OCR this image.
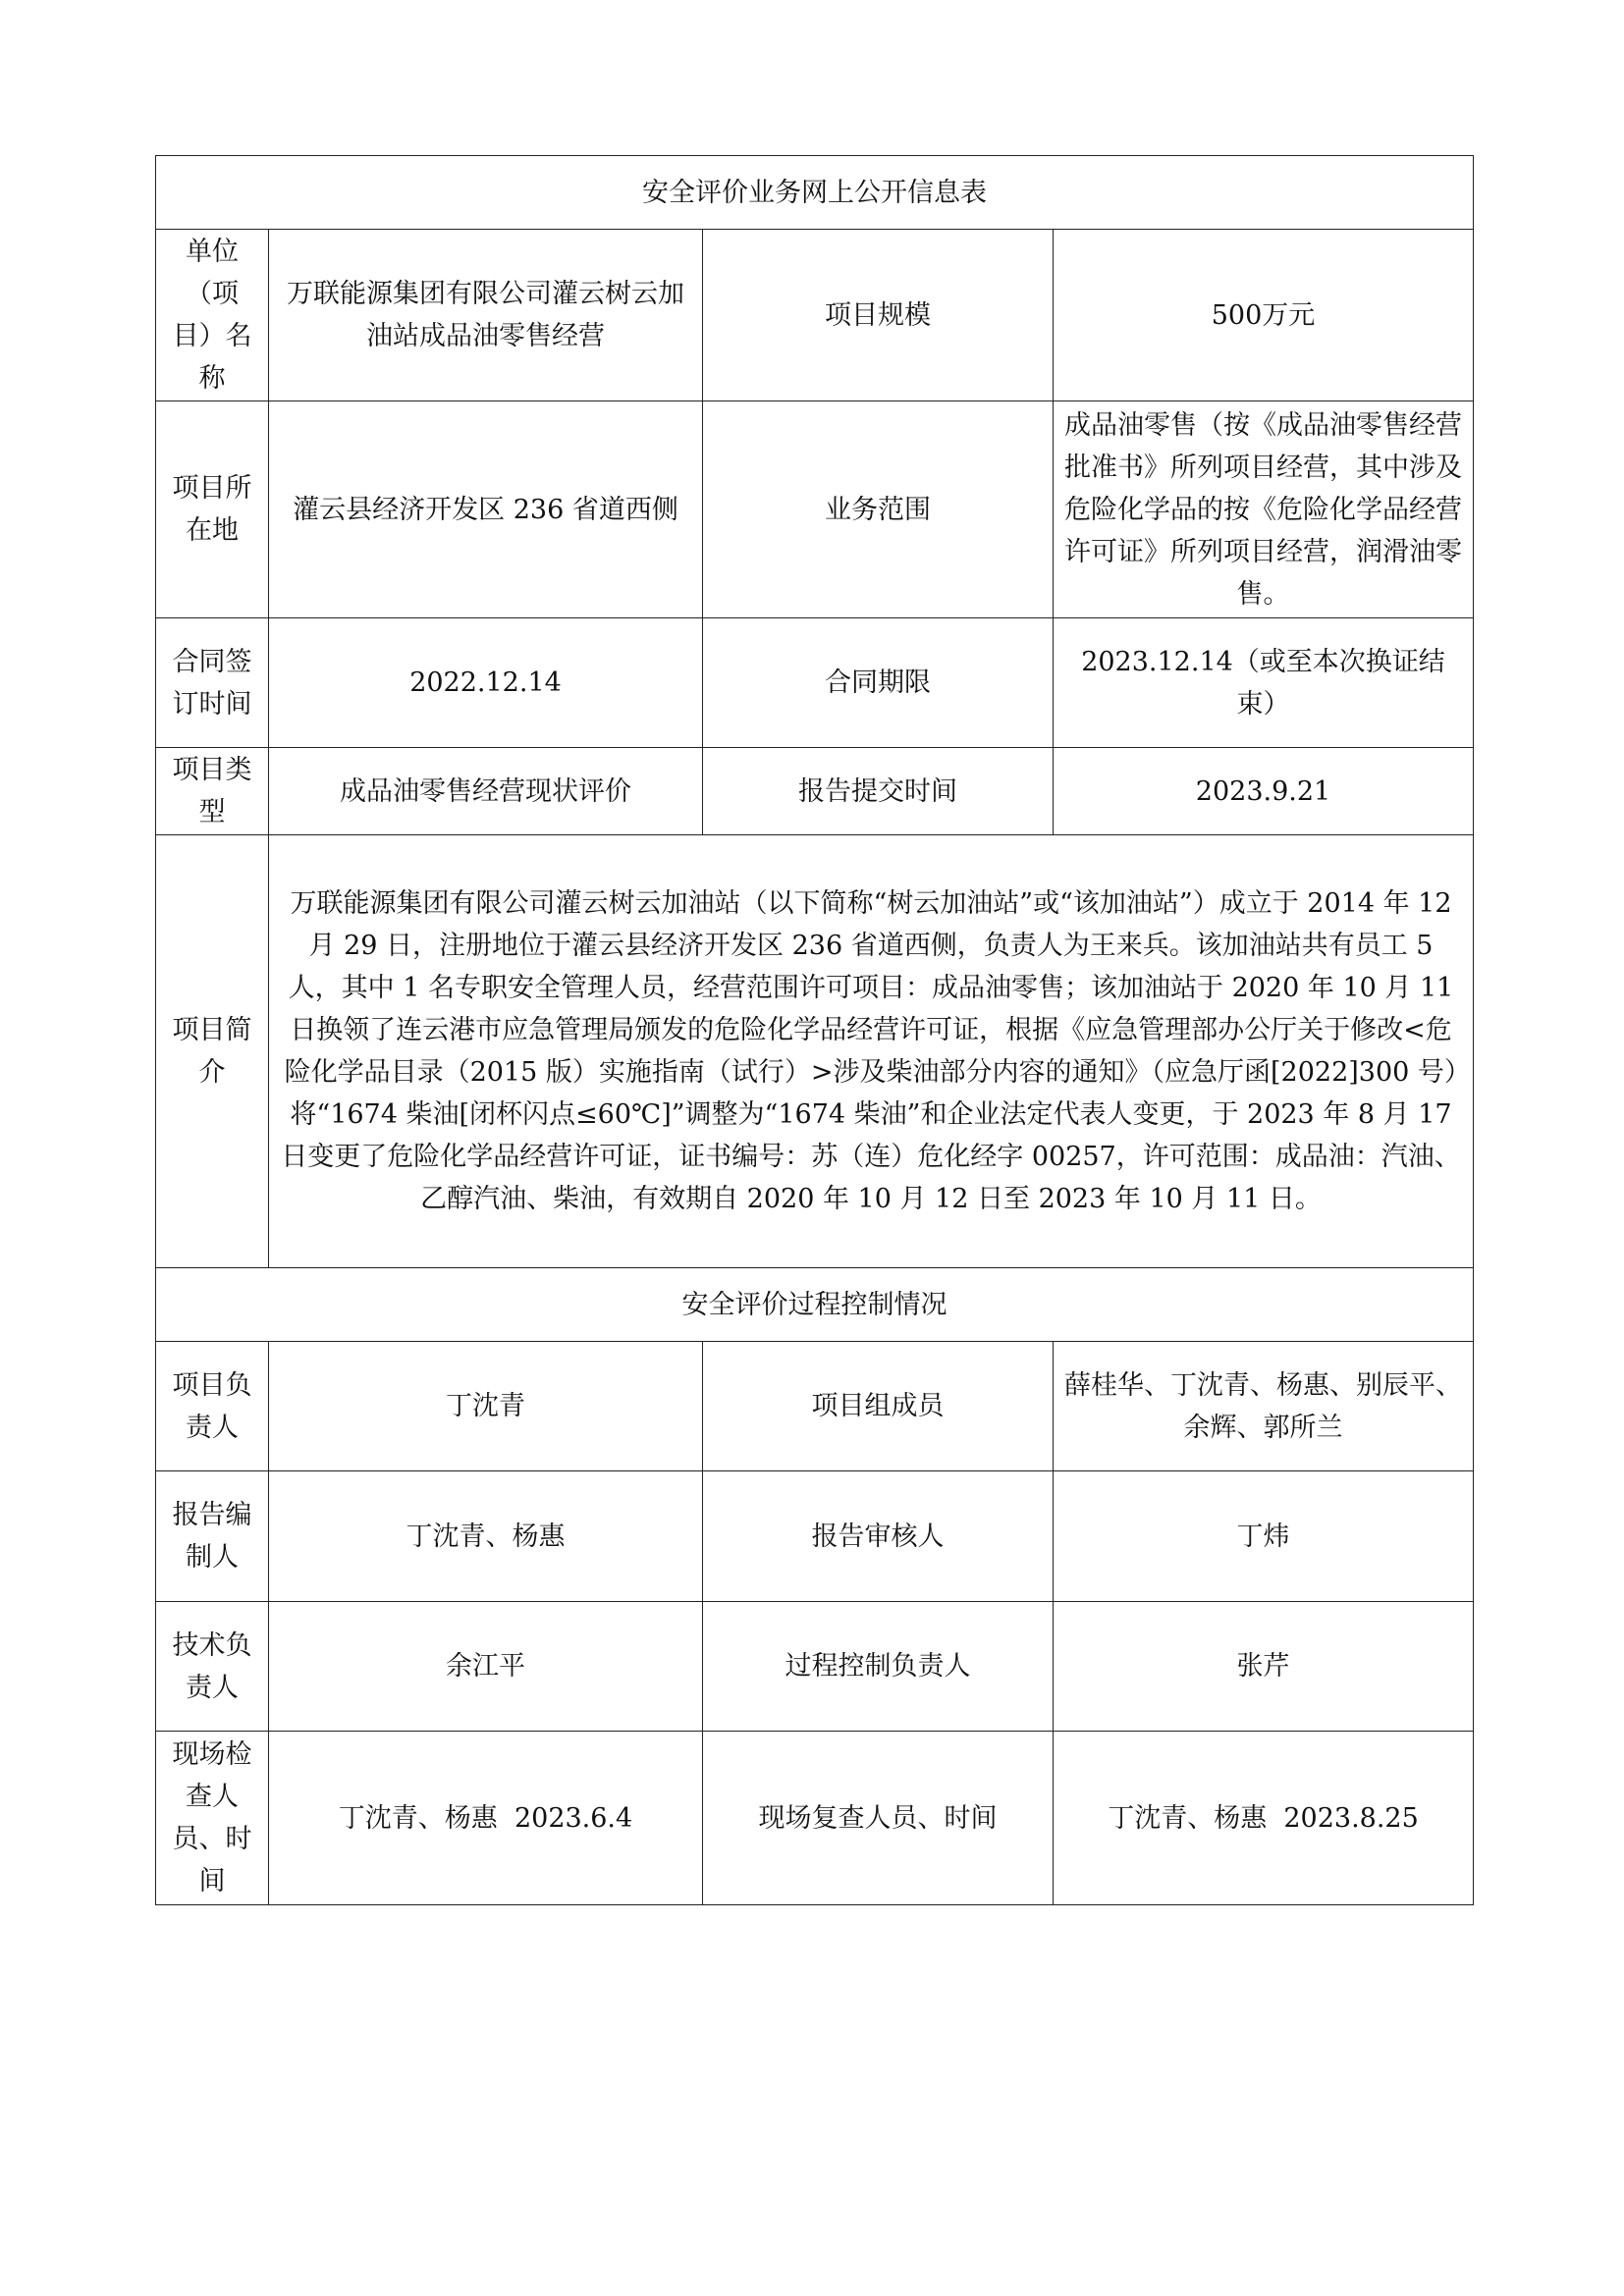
安全评价业务网上公开信息表			
单位（项目）名称	万联能源集团有限公司灌云树云加油站成品油零售经营	项目规模	500万元
项目所在地	灌云县经济开发区 236 省道西侧	业务范围	成品油零售（按《成品油零售经营批准书》所列项目经营，其中涉及危险化学品的按《危险化学品经营许可证》所列项目经营，润滑油零售。
合同签订时间	2022.12.14	合同期限	2023.12.14（或至本次换证结束）
项目类型	成品油零售经营现状评价	报告提交时间	2023.9.21
项目简介	万联能源集团有限公司灌云树云加油站（以下简称“树云加油站”或“该加油站”）成立于 2014 年 12 月 29 日，注册地位于灌云县经济开发区 236 省道西侧，负责人为王来兵。该加油站共有员工 5 人，其中 1 名专职安全管理人员，经营范围许可项目：成品油零售；该加油站于 2020 年 10 月 11 日换领了连云港市应急管理局颁发的危险化学品经营许可证，根据《应急管理部办公厅关于修改<危险化学品目录（2015 版）实施指南（试行）>涉及柴油部分内容的通知》（应急厅函[2022]300 号）将“1674 柴油[闭杯闪点≤60℃]”调整为“1674 柴油”和企业法定代表人变更，于 2023 年 8 月 17 日变更了危险化学品经营许可证，证书编号：苏（连）危化经字 00257，许可范围：成品油：汽油、乙醇汽油、柴油，有效期自 2020 年 10 月 12 日至 2023 年 10 月 11 日。		
安全评价过程控制情况			
项目负责人	丁沈青	项目组成员	薛桂华、丁沈青、杨惠、别辰平、余辉、郭所兰
报告编制人	丁沈青、杨惠	报告审核人	丁炜
技术负责人	余江平	过程控制负责人	张芹
现场检查人员、时间	丁沈青、杨惠  2023.6.4	现场复查人员、时间	丁沈青、杨惠  2023.8.25
